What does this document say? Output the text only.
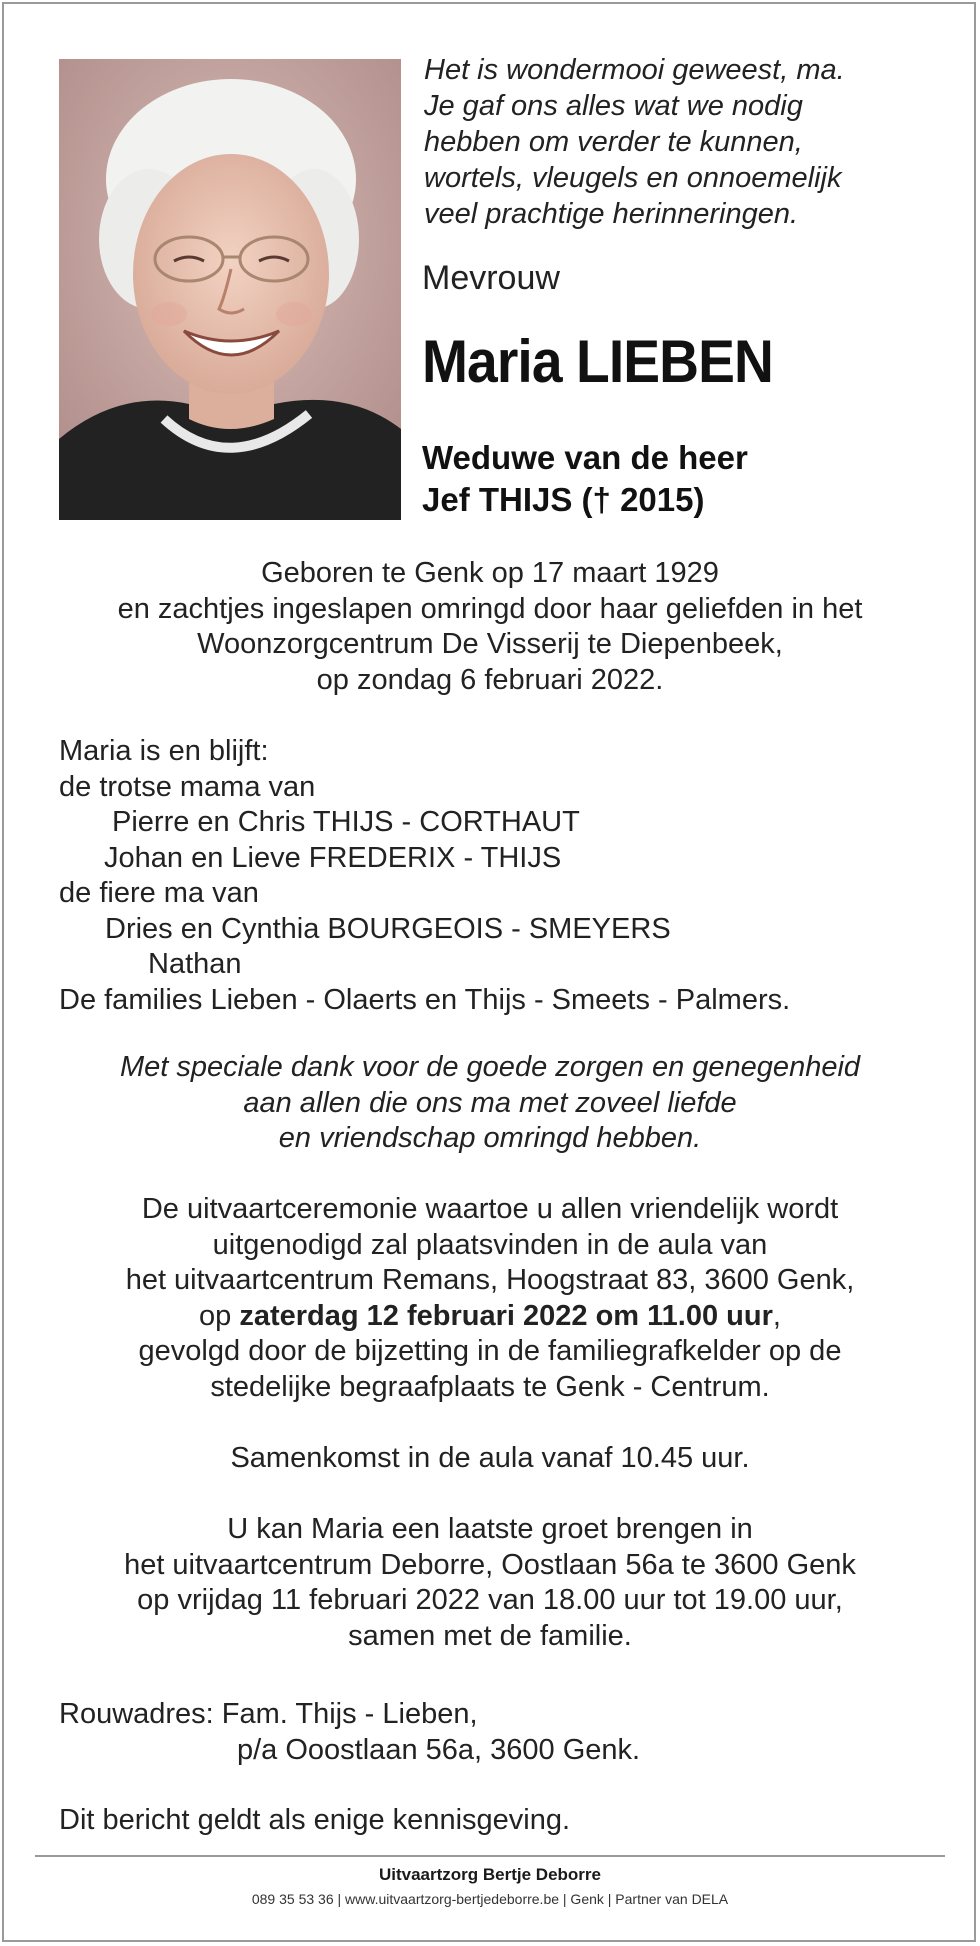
Het is wondermooi geweest, ma.
Je gaf ons alles wat we nodig
hebben om verder te kunnen,
wortels, vleugels en onnoemelijk
veel prachtige herinneringen.
Mevrouw
Maria LIEBEN
Weduwe van de heer
Jef THIJS († 2015)
Geboren te Genk op 17 maart 1929
en zachtjes ingeslapen omringd door haar geliefden in het
Woonzorgcentrum De Visserij te Diepenbeek,
op zondag 6 februari 2022.
Maria is en blijft:
de trotse mama van
Pierre en Chris THIJS - CORTHAUT
Johan en Lieve FREDERIX - THIJS
de fiere ma van
Dries en Cynthia BOURGEOIS - SMEYERS
Nathan
De families Lieben - Olaerts en Thijs - Smeets - Palmers.
Met speciale dank voor de goede zorgen en genegenheid
aan allen die ons ma met zoveel liefde
en vriendschap omringd hebben.
De uitvaartceremonie waartoe u allen vriendelijk wordt
uitgenodigd zal plaatsvinden in de aula van
het uitvaartcentrum Remans, Hoogstraat 83, 3600 Genk,
op zaterdag 12 februari 2022 om 11.00 uur,
gevolgd door de bijzetting in de familiegrafkelder op de
stedelijke begraafplaats te Genk - Centrum.
Samenkomst in de aula vanaf 10.45 uur.
U kan Maria een laatste groet brengen in
het uitvaartcentrum Deborre, Oostlaan 56a te 3600 Genk
op vrijdag 11 februari 2022 van 18.00 uur tot 19.00 uur,
samen met de familie.
Rouwadres: Fam. Thijs - Lieben,
p/a Ooostlaan 56a, 3600 Genk.
Dit bericht geldt als enige kennisgeving.
Uitvaartzorg Bertje Deborre
089 35 53 36 | www.uitvaartzorg-bertjedeborre.be | Genk | Partner van DELA
